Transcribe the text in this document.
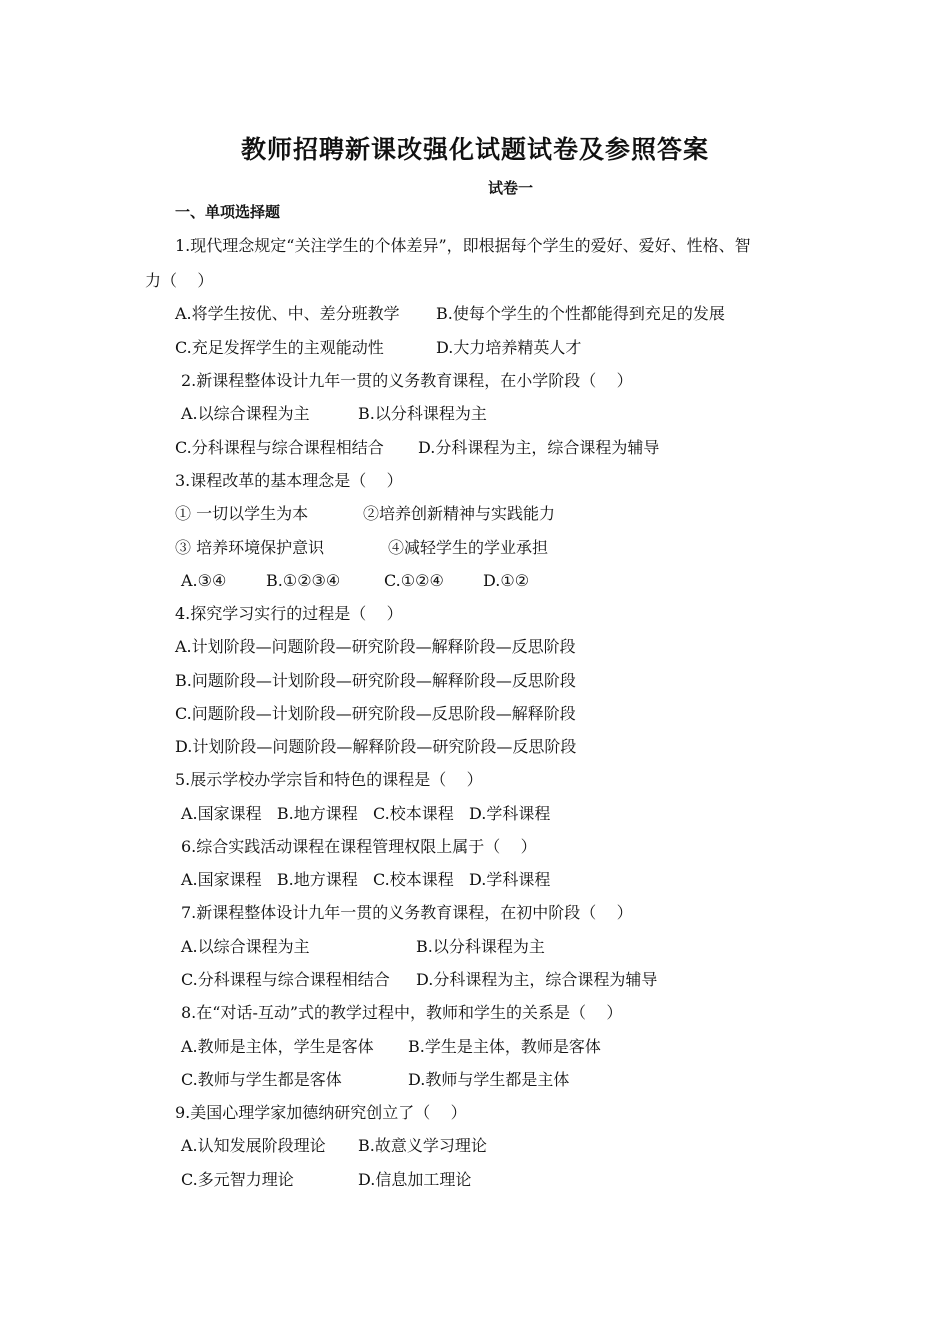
教师招聘新课改强化试题试卷及参照答案
试卷一
一、单项选择题
1.现代理念规定“关注学生的个体差异”，即根据每个学生的爱好、爱好、性格、智
力（    ）
A.将学生按优、中、差分班教学 B.使每个学生的个性都能得到充足的发展
C.充足发挥学生的主观能动性	D.大力培养精英人才
2.新课程整体设计九年一贯的义务教育课程，在小学阶段（    ）
A.以综合课程为主	B.以分科课程为主
C.分科课程与综合课程相结合 D.分科课程为主，综合课程为辅导
3.课程改革的基本理念是（    ）
① 一切以学生为本	②培养创新精神与实践能力
③ 培养环境保护意识	④减轻学生的学业承担
A.③④ B.①②③④	C.①②④ D.①②
4.探究学习实行的过程是（    ）
A.计划阶段—问题阶段—研究阶段—解释阶段—反思阶段
B.问题阶段—计划阶段—研究阶段—解释阶段—反思阶段
C.问题阶段—计划阶段—研究阶段—反思阶段—解释阶段
D.计划阶段—问题阶段—解释阶段—研究阶段—反思阶段
5.展示学校办学宗旨和特色的课程是（    ）
A.国家课程   B.地方课程   C.校本课程   D.学科课程
6.综合实践活动课程在课程管理权限上属于（    ）
A.国家课程   B.地方课程   C.校本课程   D.学科课程
7.新课程整体设计九年一贯的义务教育课程，在初中阶段（    ）
A.以综合课程为主	B.以分科课程为主
C.分科课程与综合课程相结合 D.分科课程为主，综合课程为辅导
8.在“对话-互动”式的教学过程中，教师和学生的关系是（    ）
A.教师是主体，学生是客体 B.学生是主体，教师是客体
C.教师与学生都是客体	D.教师与学生都是主体
9.美国心理学家加德纳研究创立了（    ）
A.认知发展阶段理论 B.故意义学习理论
C.多元智力理论	D.信息加工理论
